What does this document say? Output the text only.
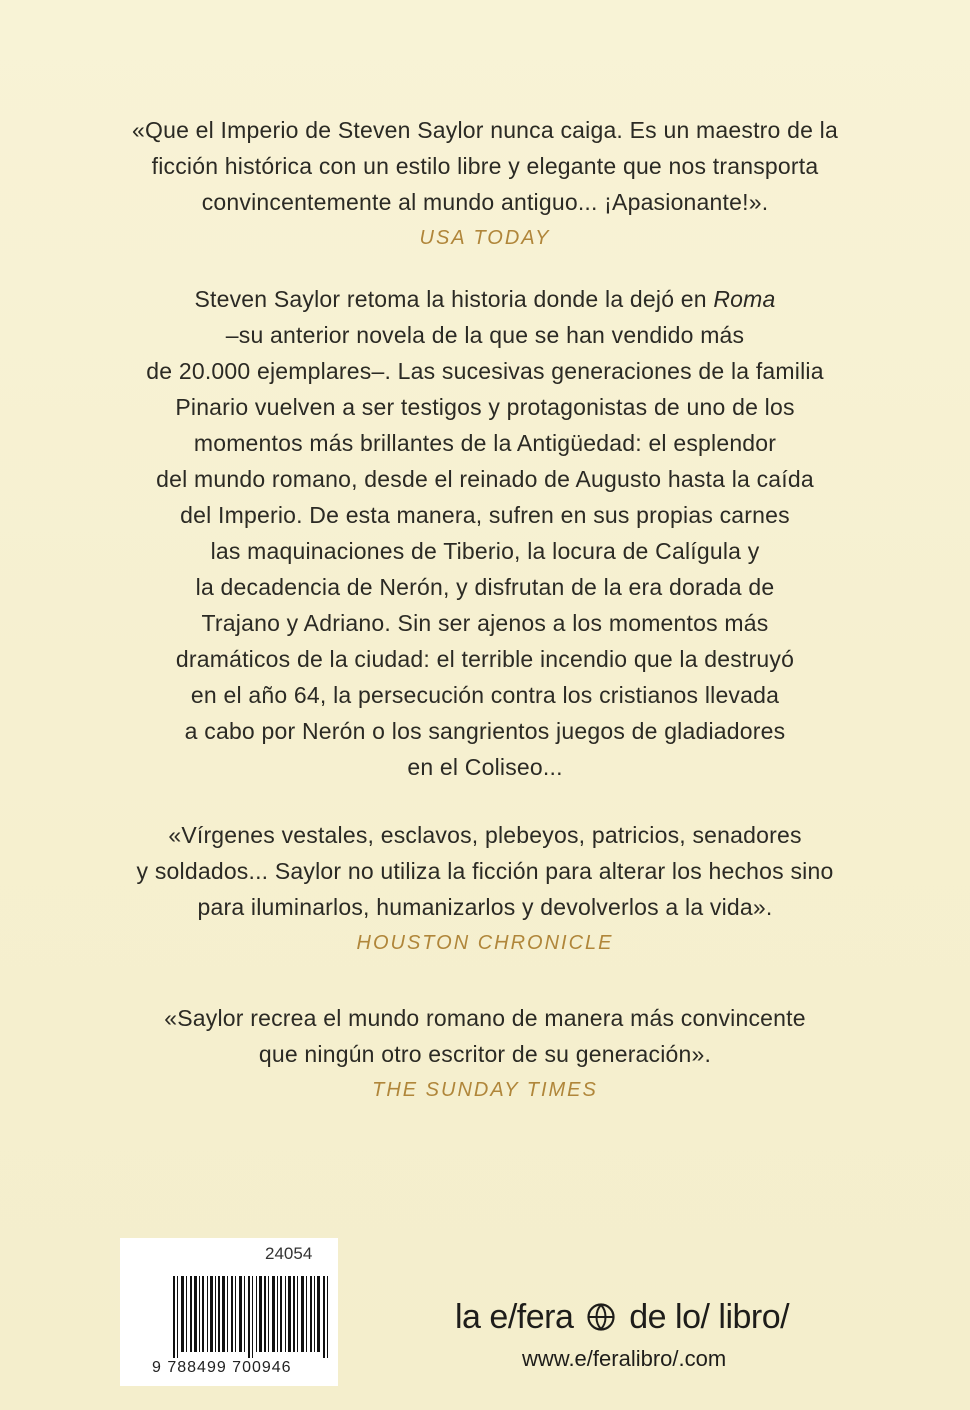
«Que el Imperio de Steven Saylor nunca caiga. Es un maestro de la
ficción histórica con un estilo libre y elegante que nos transporta
convincentemente al mundo antiguo... ¡Apasionante!».
USA TODAY
Steven Saylor retoma la historia donde la dejó en Roma
–su anterior novela de la que se han vendido más
de 20.000 ejemplares–. Las sucesivas generaciones de la familia
Pinario vuelven a ser testigos y protagonistas de uno de los
momentos más brillantes de la Antigüedad: el esplendor
del mundo romano, desde el reinado de Augusto hasta la caída
del Imperio. De esta manera, sufren en sus propias carnes
las maquinaciones de Tiberio, la locura de Calígula y
la decadencia de Nerón, y disfrutan de la era dorada de
Trajano y Adriano. Sin ser ajenos a los momentos más
dramáticos de la ciudad: el terrible incendio que la destruyó
en el año 64, la persecución contra los cristianos llevada
a cabo por Nerón o los sangrientos juegos de gladiadores
en el Coliseo...
«Vírgenes vestales, esclavos, plebeyos, patricios, senadores
y soldados... Saylor no utiliza la ficción para alterar los hechos sino
para iluminarlos, humanizarlos y devolverlos a la vida».
HOUSTON CHRONICLE
«Saylor recrea el mundo romano de manera más convincente
que ningún otro escritor de su generación».
THE SUNDAY TIMES
24054
9 788499 700946
la e/fera de lo/ libro/
www.e/feralibro/.com
